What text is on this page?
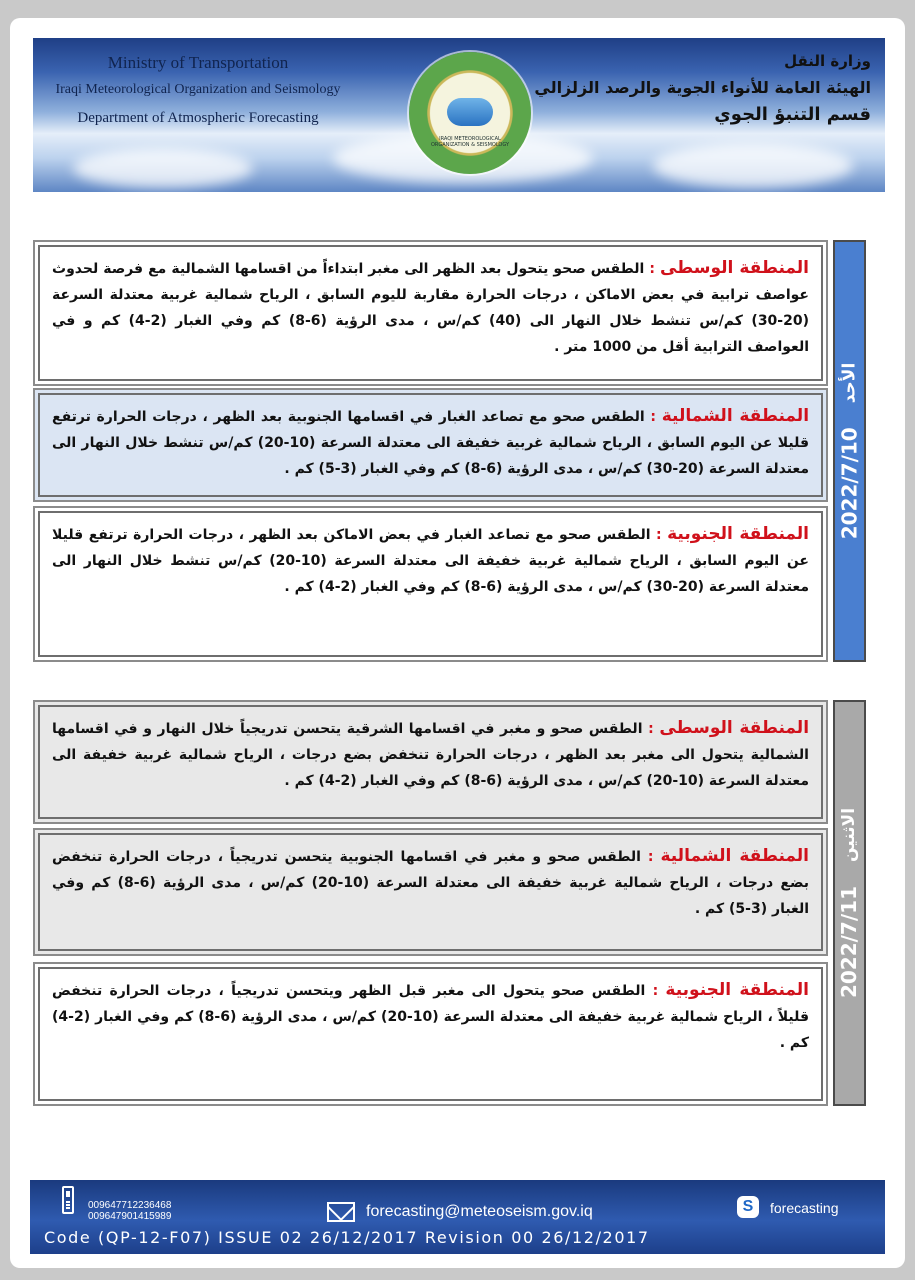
Ministry of Transportation
Iraqi Meteorological Organization and Seismology
Department of Atmospheric Forecasting
IRAQI METEOROLOGICAL ORGANIZATION & SEISMOLOGY
وزارة النقل
الهيئة العامة للأنواء الجوية والرصد الزلزالي
قسم التنبؤ الجوي
المنطقة الوسطى : الطقس صحو يتحول بعد الظهر الى مغبر ابتداءاً من اقسامها الشمالية مع فرصة لحدوث عواصف ترابية في بعض الاماكن ، درجات الحرارة مقاربة لليوم السابق ، الرياح شمالية غربية معتدلة السرعة (20-30) كم/س تنشط خلال النهار الى (40) كم/س ، مدى الرؤية (6-8) كم وفي الغبار (2-4) كم و في العواصف الترابية أقل من 1000 متر .
المنطقة الشمالية : الطقس صحو مع تصاعد الغبار في اقسامها الجنوبية بعد الظهر ، درجات الحرارة ترتفع قليلا عن اليوم السابق ، الرياح شمالية غربية خفيفة الى معتدلة السرعة (10-20) كم/س تنشط خلال النهار الى معتدلة السرعة (20-30) كم/س ، مدى الرؤية (6-8) كم وفي الغبار (3-5) كم .
المنطقة الجنوبية : الطقس صحو مع تصاعد الغبار في بعض الاماكن بعد الظهر ، درجات الحرارة ترتفع قليلا عن اليوم السابق ، الرياح شمالية غربية خفيفة الى معتدلة السرعة (10-20) كم/س تنشط خلال النهار الى معتدلة السرعة (20-30) كم/س ، مدى الرؤية (6-8) كم وفي الغبار (2-4) كم .
2022/7/10
الأحد
المنطقة الوسطى : الطقس صحو و مغبر في اقسامها الشرقية يتحسن تدريجياً خلال النهار و في اقسامها الشمالية يتحول الى مغبر بعد الظهر ، درجات الحرارة تنخفض بضع درجات ، الرياح شمالية غربية خفيفة الى معتدلة السرعة (10-20) كم/س ، مدى الرؤية (6-8) كم وفي الغبار (2-4) كم .
المنطقة الشمالية : الطقس صحو و مغبر في اقسامها الجنوبية يتحسن تدريجياً ، درجات الحرارة تنخفض بضع درجات ، الرياح شمالية غربية خفيفة الى معتدلة السرعة (10-20) كم/س ، مدى الرؤية (6-8) كم وفي الغبار (3-5) كم .
المنطقة الجنوبية : الطقس صحو يتحول الى مغبر قبل الظهر ويتحسن تدريجياً ، درجات الحرارة تنخفض قليلاً ، الرياح شمالية غربية خفيفة الى معتدلة السرعة (10-20) كم/س ، مدى الرؤية (6-8) كم وفي الغبار (2-4) كم .
2022/7/11
الاثنين
009647712236468
009647901415989	forecasting@meteoseism.gov.iq	S	forecasting
Code (QP-12-F07) ISSUE 02 26/12/2017 Revision 00 26/12/2017
